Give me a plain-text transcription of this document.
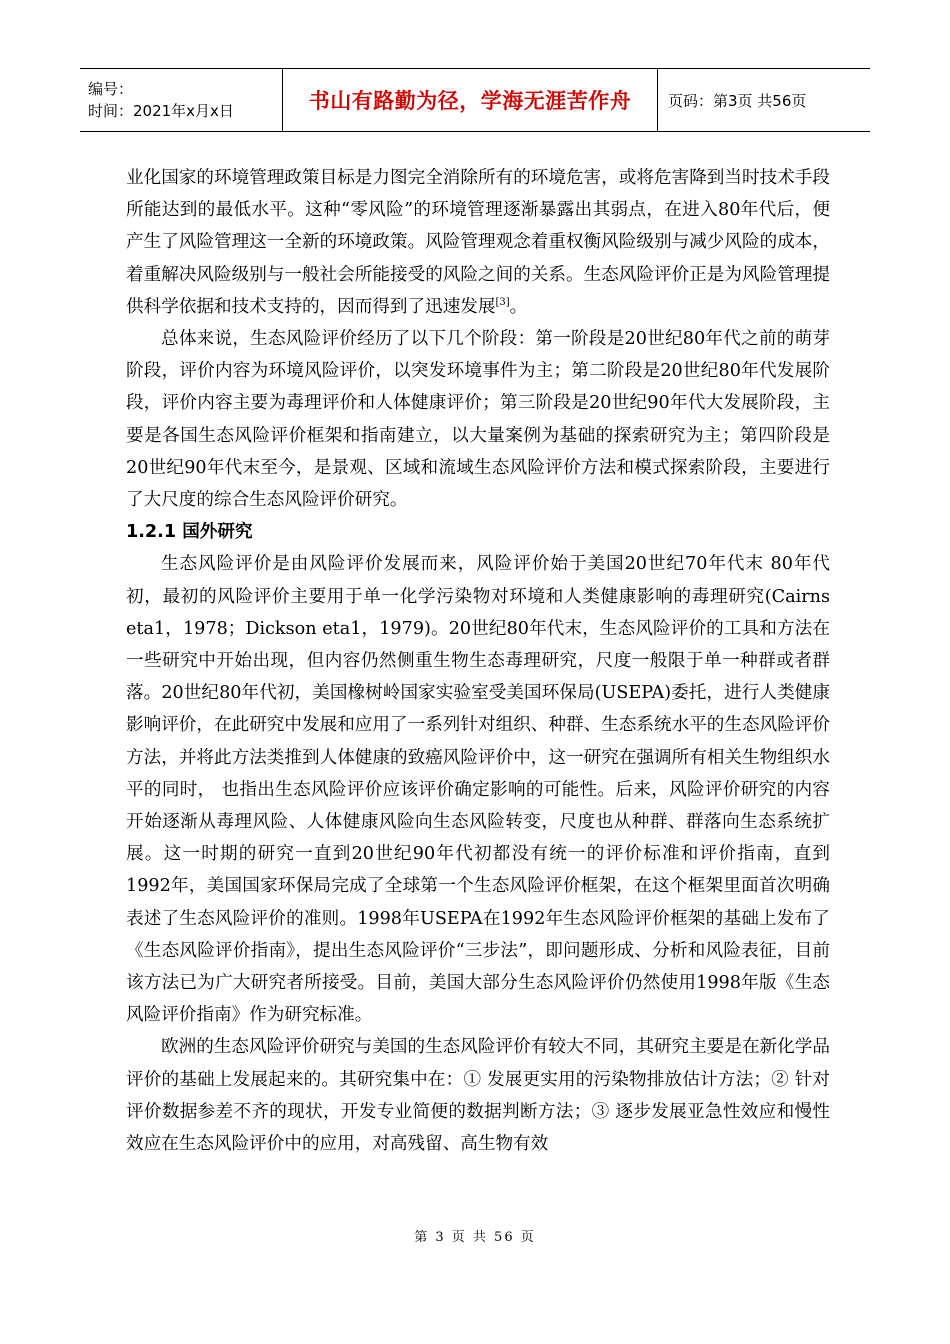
编号：
时间：2021年x月x日	书山有路勤为径，学海无涯苦作舟	页码：第3页 共56页

业化国家的环境管理政策目标是力图完全消除所有的环境危害，或将危害降到当时技术手段所能达到的最低水平。这种“零风险”的环境管理逐渐暴露出其弱点，在进入80年代后，便产生了风险管理这一全新的环境政策。风险管理观念着重权衡风险级别与减少风险的成本，着重解决风险级别与一般社会所能接受的风险之间的关系。生态风险评价正是为风险管理提供科学依据和技术支持的，因而得到了迅速发展[3]。

总体来说，生态风险评价经历了以下几个阶段：第一阶段是20世纪80年代之前的萌芽阶段，评价内容为环境风险评价，以突发环境事件为主；第二阶段是20世纪80年代发展阶段，评价内容主要为毒理评价和人体健康评价；第三阶段是20世纪90年代大发展阶段，主要是各国生态风险评价框架和指南建立，以大量案例为基础的探索研究为主；第四阶段是20世纪90年代末至今，是景观、区域和流域生态风险评价方法和模式探索阶段，主要进行了大尺度的综合生态风险评价研究。

1.2.1 国外研究

生态风险评价是由风险评价发展而来，风险评价始于美国20世纪70年代末 80年代初，最初的风险评价主要用于单一化学污染物对环境和人类健康影响的毒理研究(Cairns eta1，1978；Dickson eta1，1979)。20世纪80年代末，生态风险评价的工具和方法在一些研究中开始出现，但内容仍然侧重生物生态毒理研究，尺度一般限于单一种群或者群落。20世纪80年代初，美国橡树岭国家实验室受美国环保局(USEPA)委托，进行人类健康影响评价，在此研究中发展和应用了一系列针对组织、种群、生态系统水平的生态风险评价方法，并将此方法类推到人体健康的致癌风险评价中，这一研究在强调所有相关生物组织水平的同时， 也指出生态风险评价应该评价确定影响的可能性。后来，风险评价研究的内容开始逐渐从毒理风险、人体健康风险向生态风险转变，尺度也从种群、群落向生态系统扩展。这一时期的研究一直到20世纪90年代初都没有统一的评价标准和评价指南，直到1992年，美国国家环保局完成了全球第一个生态风险评价框架，在这个框架里面首次明确表述了生态风险评价的准则。1998年USEPA在1992年生态风险评价框架的基础上发布了《生态风险评价指南》，提出生态风险评价“三步法”，即问题形成、分析和风险表征，目前该方法已为广大研究者所接受。目前，美国大部分生态风险评价仍然使用1998年版《生态风险评价指南》作为研究标准。

欧洲的生态风险评价研究与美国的生态风险评价有较大不同，其研究主要是在新化学品评价的基础上发展起来的。其研究集中在：① 发展更实用的污染物排放估计方法；② 针对评价数据参差不齐的现状，开发专业简便的数据判断方法；③ 逐步发展亚急性效应和慢性效应在生态风险评价中的应用，对高残留、高生物有效

第 3 页 共 56 页
